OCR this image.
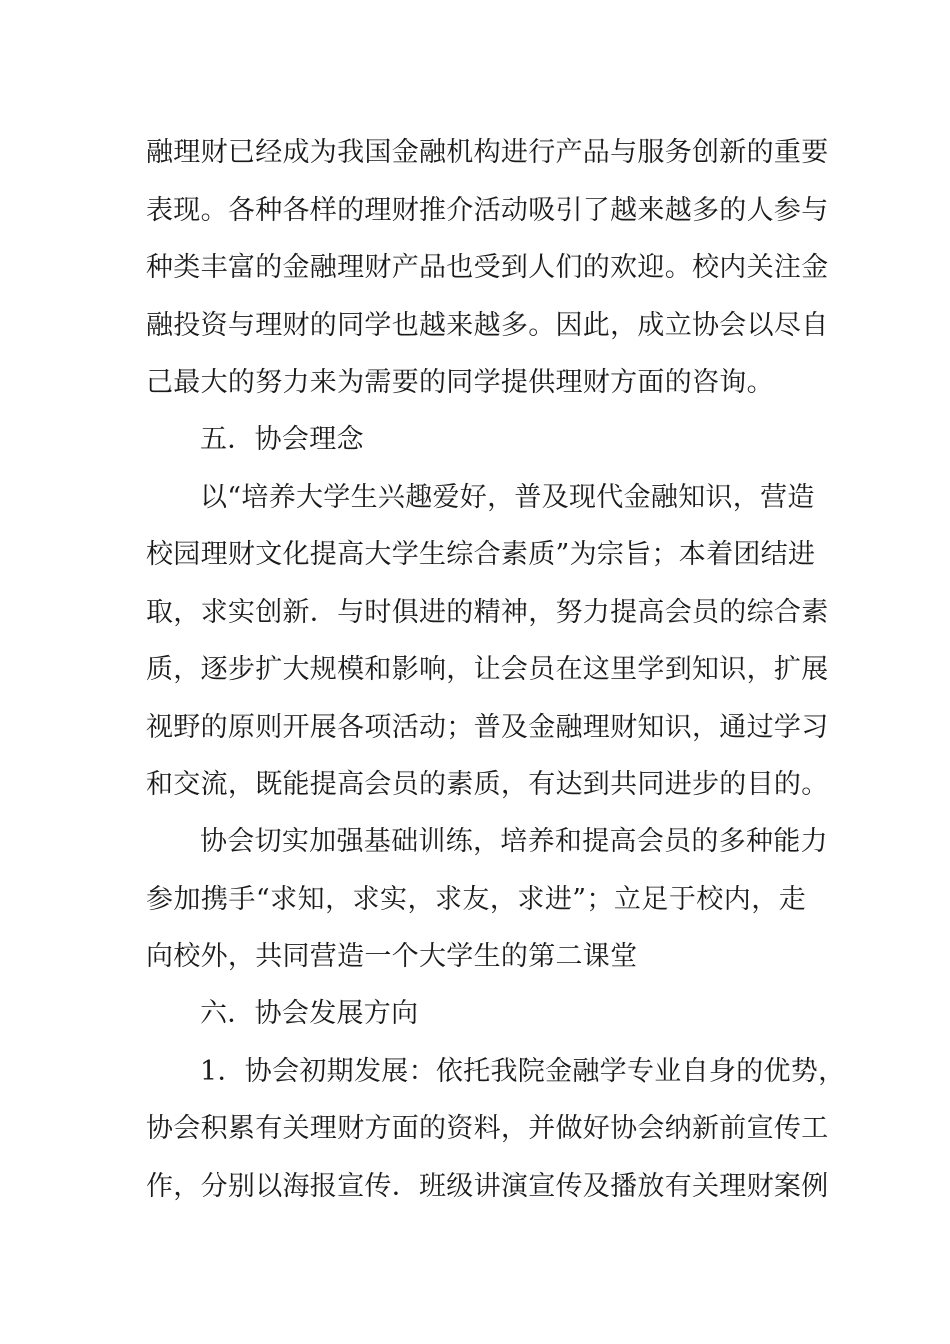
融理财已经成为我国金融机构进行产品与服务创新的重要
表现。各种各样的理财推介活动吸引了越来越多的人参与
种类丰富的金融理财产品也受到人们的欢迎。校内关注金
融投资与理财的同学也越来越多。因此，成立协会以尽自
己最大的努力来为需要的同学提供理财方面的咨询。
五．协会理念
以“培养大学生兴趣爱好，普及现代金融知识，营造
校园理财文化提高大学生综合素质”为宗旨；本着团结进
取，求实创新．与时俱进的精神，努力提高会员的综合素
质，逐步扩大规模和影响，让会员在这里学到知识，扩展
视野的原则开展各项活动；普及金融理财知识，通过学习
和交流，既能提高会员的素质，有达到共同进步的目的。
协会切实加强基础训练，培养和提高会员的多种能力
参加携手“求知，求实，求友，求进”；立足于校内，走
向校外，共同营造一个大学生的第二课堂
六．协会发展方向
1．协会初期发展：依托我院金融学专业自身的优势，
协会积累有关理财方面的资料，并做好协会纳新前宣传工
作，分别以海报宣传．班级讲演宣传及播放有关理财案例
